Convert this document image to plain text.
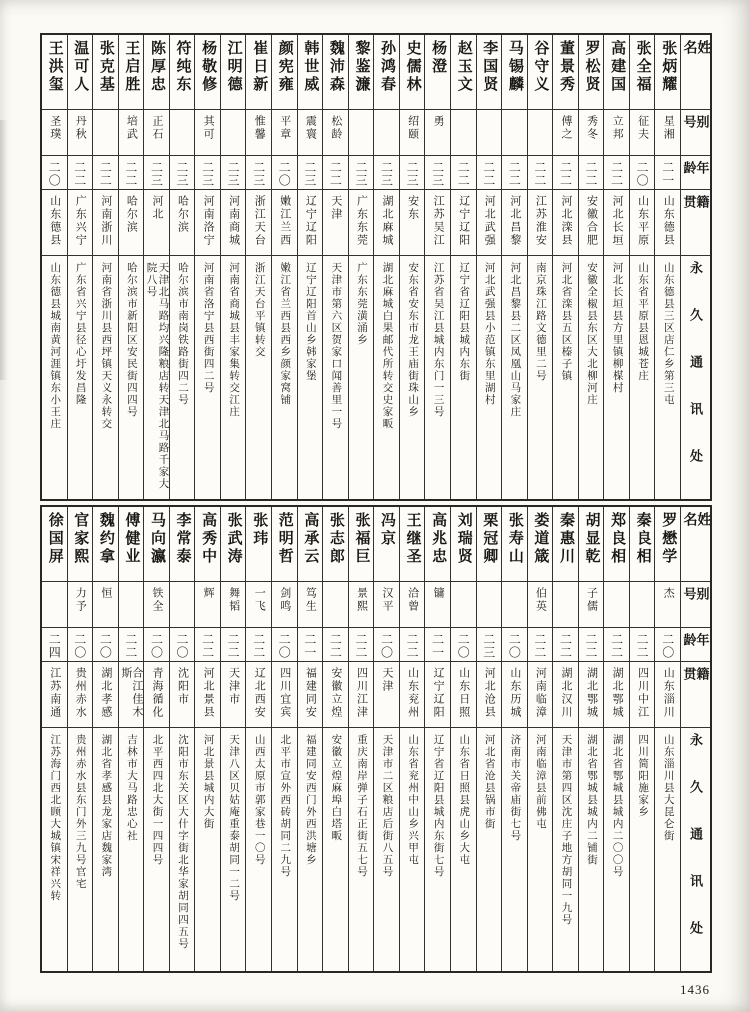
姓名
别号
年龄
籍贯
永久通讯处
张炳耀
星湘
二一
山东德县
山东德县三区店仁乡第三屯
张全福
征夫
二〇
山东平原
山东省平原县恩城苍庄
高建国
立邦
二二
河北长垣
河北长垣县方里镇柳楳村
罗松贤
秀冬
二二
安徽合肥
安徽全椒县东区大北柳河庄
董景秀
傅之
二二
河北滦县
河北省滦县五区榛子镇
谷守义
二二
江苏淮安
南京珠江路文德里二号
马锡麟
二二
河北昌黎
河北昌黎县二区凤凰山马家庄
李国贤
二二
河北武强
河北武强县小范镇东里湖村
赵玉文
二二
辽宁辽阳
辽宁省辽阳县城内东街
杨澄
勇
二三
江苏吴江
江苏省吴江县城内东门一三号
史儒林
绍颐
二三
安东
安东省安东市龙王庙街珠山乡
孙鸿春
二三
湖北麻城
湖北麻城白果邮代所转交史家畈
黎鉴濂
二三
广东东莞
广东东莞潢涌乡
魏沛森
松龄
二二
天津
天津市第六区贺家口闻善里一号
韩世威
震寰
二三
辽宁辽阳
辽宁辽阳首山乡韩家堡
颜宪雍
平章
二〇
嫩江兰西
嫩江省兰西县西乡颜家窝铺
崔日新
惟馨
二三
浙江天台
浙江天台平镇转交
江明德
二三
河南商城
河南省商城县丰家集转交江庄
杨敬修
其可
二三
河南洛宁
河南省洛宁县西街四二号
符纯东
二三
哈尔滨
哈尔滨市南岗铁路街四二号
陈厚忠
正石
二三
河北
天津北马路均兴隆粮店转天津北马路千家大院八号
王启胜
培武
二二
哈尔滨
哈尔滨市新阳区安民街四四号
张克基
二二
河南浙川
河南省浙川县西坪镇天义永转交
温可人
丹秋
二二
广东兴宁
广东省兴宁县径心圩发昌隆
王洪玺
圣璞
二〇
山东德县
山东德县城南黄河涯镇东小王庄
姓名
别号
年龄
籍贯
永久通讯处
罗懋学
杰
二〇
山东淄川
山东淄川县大昆仑街
秦良相
二二
四川中江
四川简阳施家乡
郑良相
二二
湖北鄂城
湖北省鄂城县城内二〇〇号
胡显乾
子儒
二二
湖北鄂城
湖北省鄂城县城内二铺街
秦惠川
二二
湖北汉川
天津市第四区沈庄子地方胡同一九号
娄道箴
伯英
二二
河南临漳
河南临漳县前佛屯
张寿山
二〇
山东历城
济南市关帝庙街七号
栗冠卿
二三
河北沧县
河北省沧县锅市街
刘瑞贤
二〇
山东日照
山东省日照县虎山乡大屯
高兆忠
镛
二一
辽宁辽阳
辽宁省辽阳县城内东街七号
王继圣
洽曾
二二
山东兖州
山东省兖州中山乡兴甲屯
冯京
汉平
二〇
天津
天津市二区粮店后街八五号
张福巨
景熙
二二
四川江津
重庆南岸弹子石正街五七号
张志郎
二二
安徽立煌
安徽立煌麻埠白塔畈
高承云
笃生
二一
福建同安
福建同安西门外西洪塘乡
范明哲
剑鸣
二〇
四川宜宾
北平市宣外西砖胡同二九号
张玮
一飞
二二
辽北西安
山西太原市郭家巷一〇号
张武涛
舞韬
二二
天津市
天津八区贝姑庵重泰胡同一二号
高秀中
辉
二二
河北景县
河北景县城内大街
李常泰
二〇
沈阳市
沈阳市东关区大什字街北华家胡同四五号
马向瀛
铁全
二〇
青海循化
北平西四北大街一四四号
傅健业
二二
合江佳木斯
吉林市大马路忠心社
魏约拿
恒
二〇
湖北孝感
湖北省孝感县龙家店魏家湾
官家熙
力予
二〇
贵州赤水
贵州赤水县东门外三九号官宅
徐国屏
二四
江苏南通
江苏海门西北顾大城镇宋祥兴转
1436
